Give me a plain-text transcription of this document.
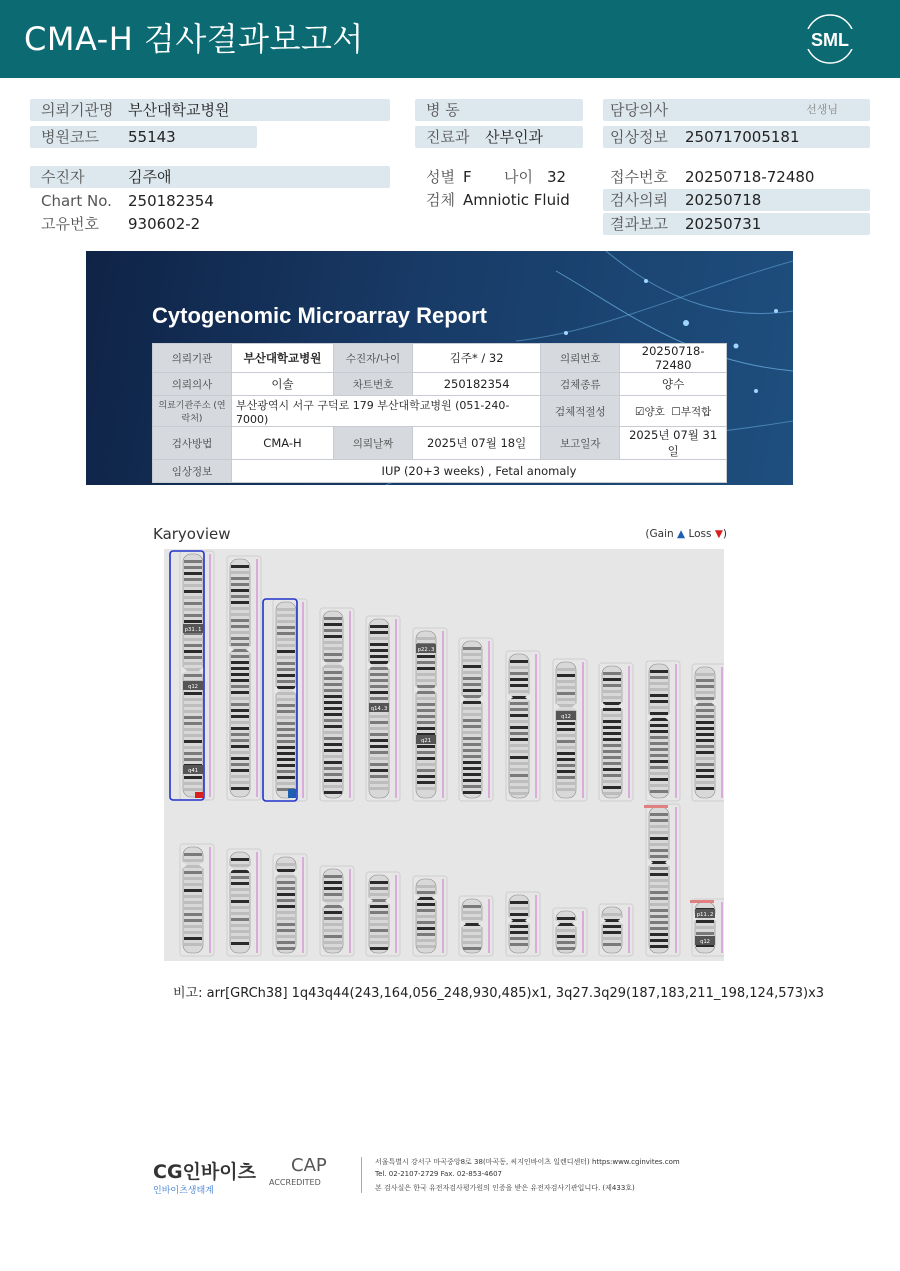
CMA-H 검사결과보고서	SML
의뢰기관명 부산대학교병원
병원코드 55143
병 동
진료과 산부인과
담당의사	선생님
임상정보 250717005181
수진자	김주애
Chart No. 250182354
고유번호 930602-2
성별 F 나이 32
검체 Amniotic Fluid
접수번호 20250718-72480
검사의뢰 20250718
결과보고 20250731
Cytogenomic Microarray Report
의뢰기관	부산대학교병원	수진자/나이	김주* / 32	의뢰번호	20250718-72480
의뢰의사	이솔	차트번호	250182354	검체종류	양수
의료기관주소 (연락처)	부산광역시 서구 구덕로 179 부산대학교병원 (051-240-7000)			검체적절성	☑양호 ☐부적합
검사방법	CMA-H	의뢰날짜	2025년 07월 18일	보고일자	2025년 07월 31일
임상정보	IUP (20+3 weeks) , Fetal anomaly				
Karyoview	(Gain ▲ Loss ▼)
p31.1
q12
q41
q14.3
p22.3
q21
q12
p11.2
q12
비고: arr[GRCh38] 1q43q44(243,164,056_248,930,485)x1, 3q27.3q29(187,183,211_198,124,573)x3
CG인바이츠
인바이츠생태계
CAP
ACCREDITED
서울특별시 강서구 마곡중앙8로 38(마곡동, 씨지인바이츠 일렌디센터) https:www.cginvites.com
Tel. 02-2107-2729 Fax. 02-853-4607
본 검사실은 한국 유전자검사평가원의 인증을 받은 유전자검사기관입니다. (제433호)
